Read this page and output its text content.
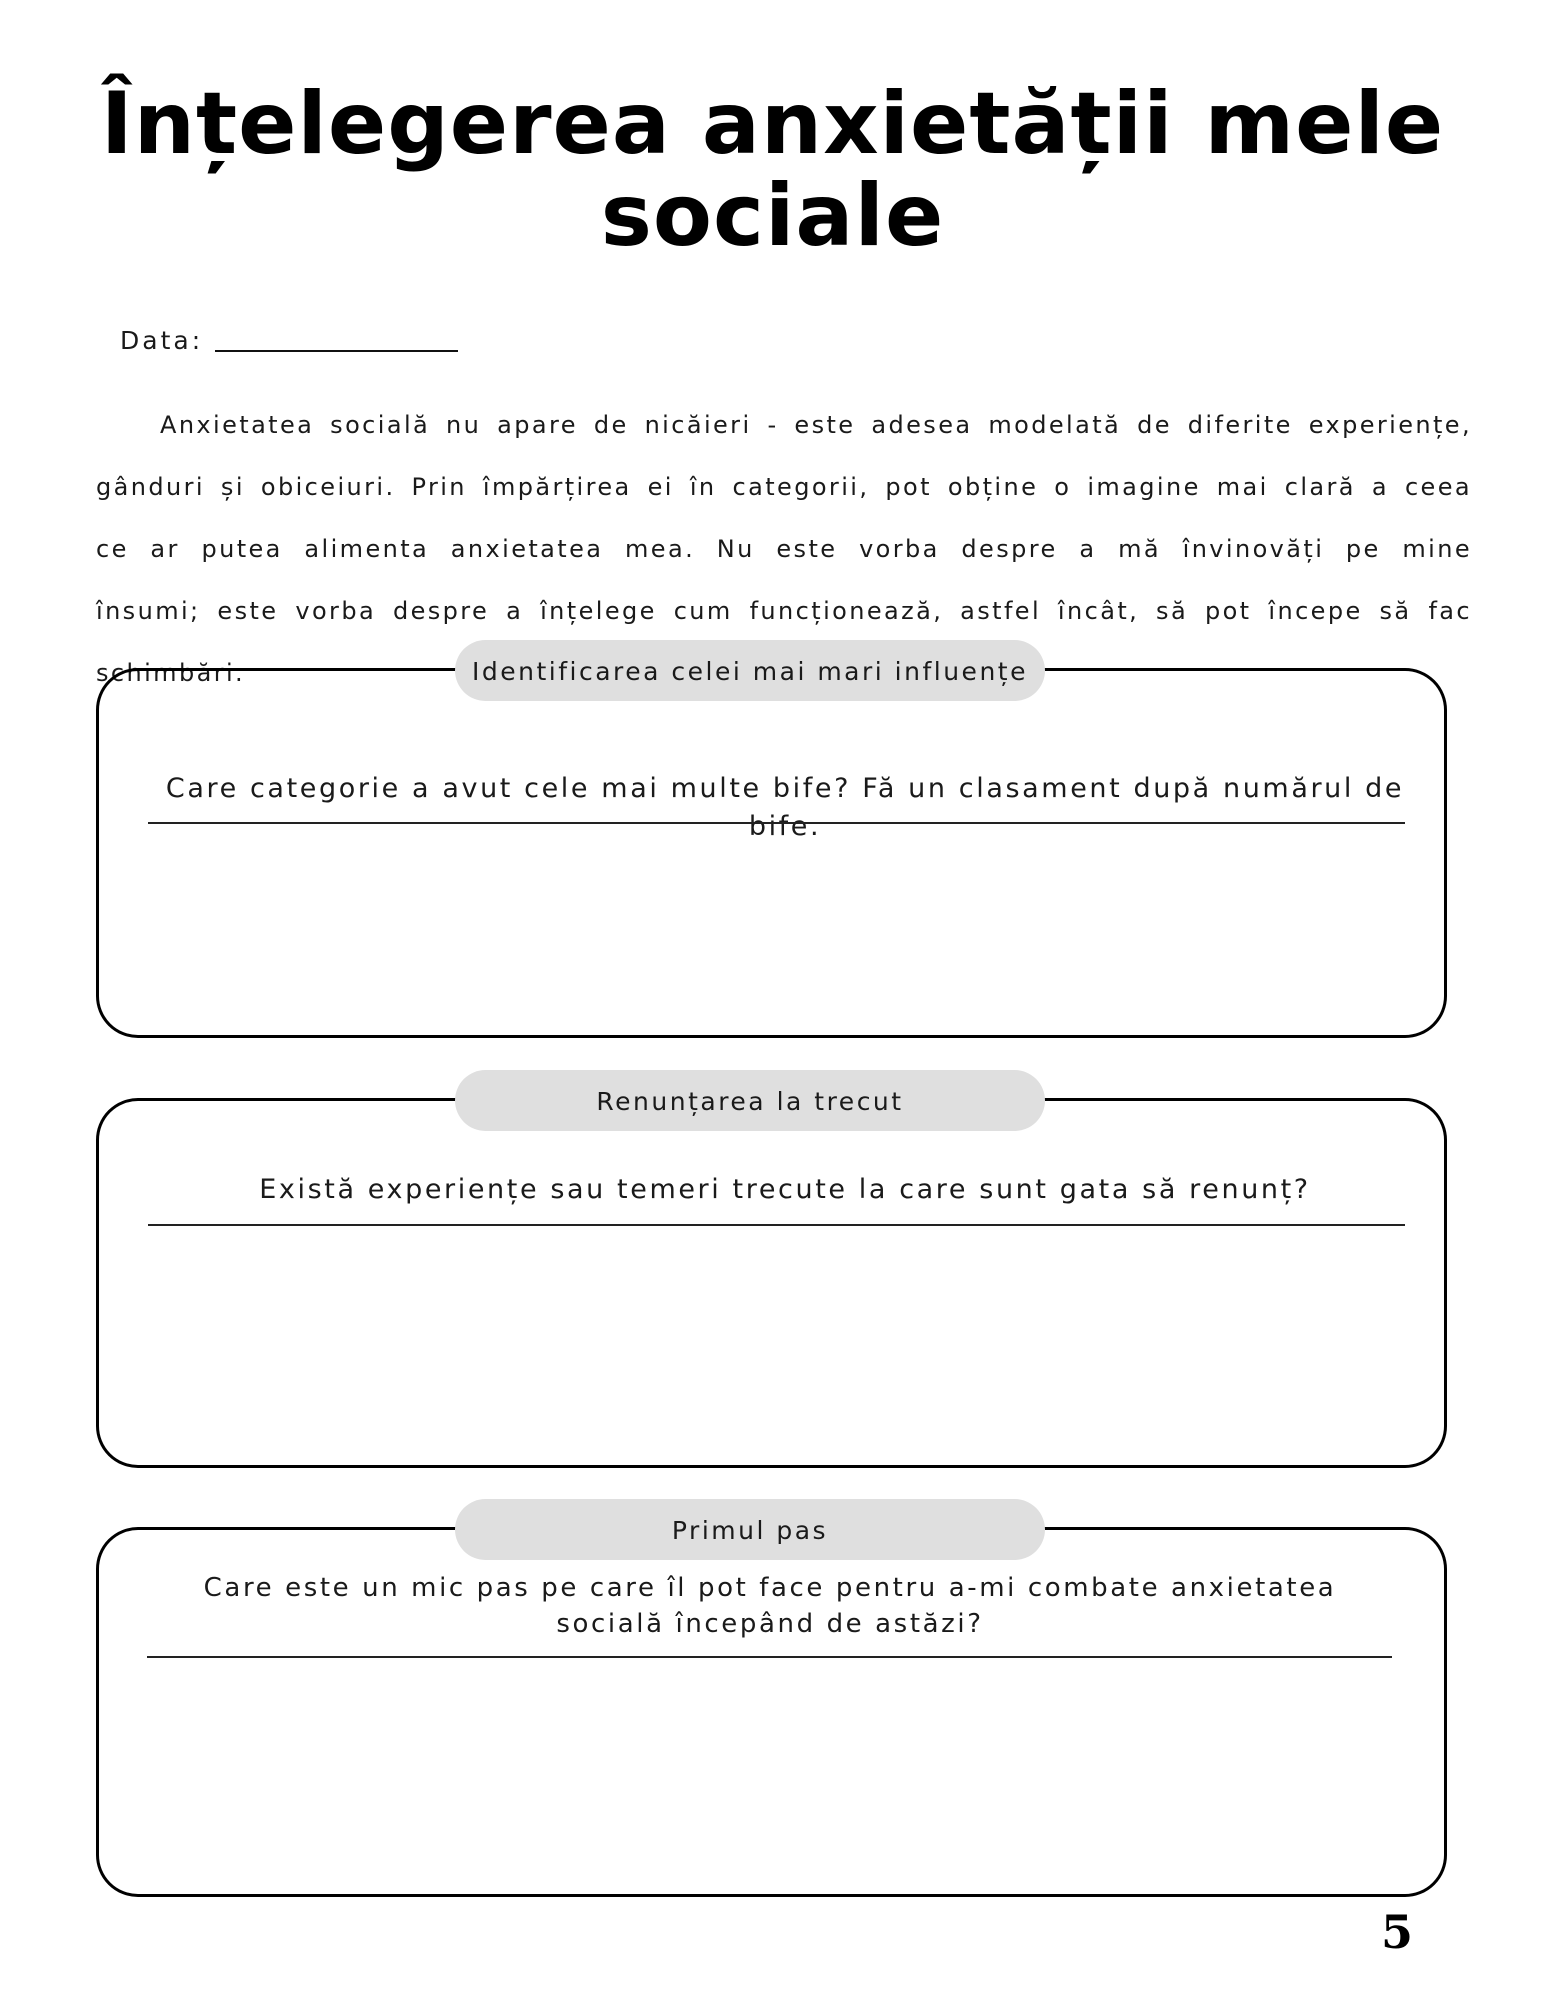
Înțelegerea anxietății mele sociale
Data:

Anxietatea socială nu apare de nicăieri - este adesea modelată de diferite experiențe, gânduri și obiceiuri. Prin împărțirea ei în categorii, pot obține o imagine mai clară a ceea ce ar putea alimenta anxietatea mea. Nu este vorba despre a mă învinovăți pe mine însumi; este vorba despre a înțelege cum funcționează, astfel încât, să pot începe să fac schimbări.	Identificarea celei mai mari influențe

Care categorie a avut cele mai multe bife? Fă un clasament după numărul de bife.

Renunțarea la trecut

Există experiențe sau temeri trecute la care sunt gata să renunț?

Primul pas

Care este un mic pas pe care îl pot face pentru a-mi combate anxietatea socială începând de astăzi?

5
